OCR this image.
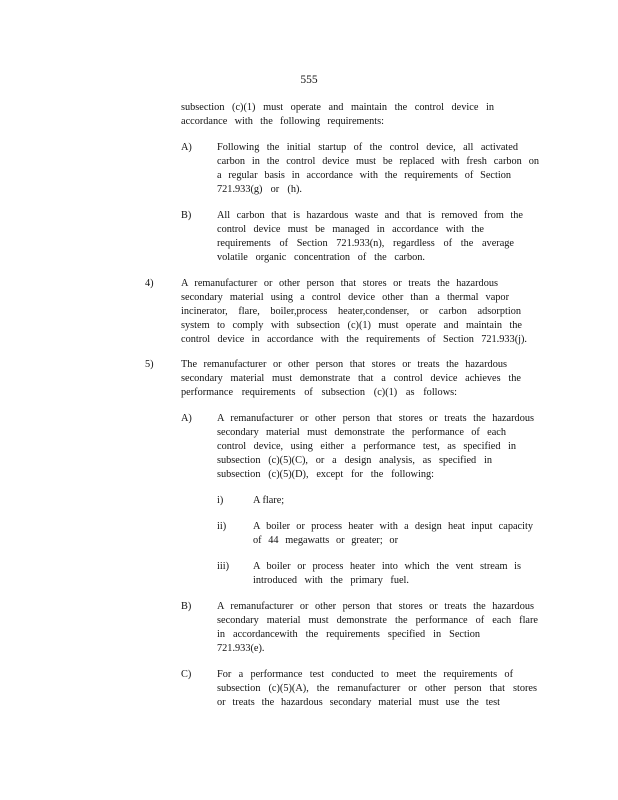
555
subsection (c)(1) must operate and maintain the control device in
accordance with the following requirements:
A) Following the initial startup of the control device, all activated
carbon in the control device must be replaced with fresh carbon on
a regular basis in accordance with the requirements of Section
721.933(g) or (h).
B) All carbon that is hazardous waste and that is removed from the
control device must be managed in accordance with the
requirements of Section 721.933(n), regardless of the average
volatile organic concentration of the carbon.
4)	A remanufacturer or other person that stores or treats the hazardous
secondary material using a control device other than a thermal vapor
incinerator, flare, boiler,process heater,condenser, or carbon adsorption
system to comply with subsection (c)(1) must operate and maintain the
control device in accordance with the requirements of Section 721.933(j).
5)	The remanufacturer or other person that stores or treats the hazardous
secondary material must demonstrate that a control device achieves the
performance requirements of subsection (c)(1) as follows:
A) A remanufacturer or other person that stores or treats the hazardous
secondary material must demonstrate the performance of each
control device, using either a performance test, as specified in
subsection (c)(5)(C), or a design analysis, as specified in
subsection (c)(5)(D), except for the following:
i)	A flare;
ii)	A boiler or process heater with a design heat input capacity
of 44 megawatts or greater; or
iii) A boiler or process heater into which the vent stream is
introduced with the primary fuel.
B) A remanufacturer or other person that stores or treats the hazardous
secondary material must demonstrate the performance of each flare
in accordancewith the requirements specified in Section
721.933(e).
C) For a performance test conducted to meet the requirements of
subsection (c)(5)(A), the remanufacturer or other person that stores
or treats the hazardous secondary material must use the test
